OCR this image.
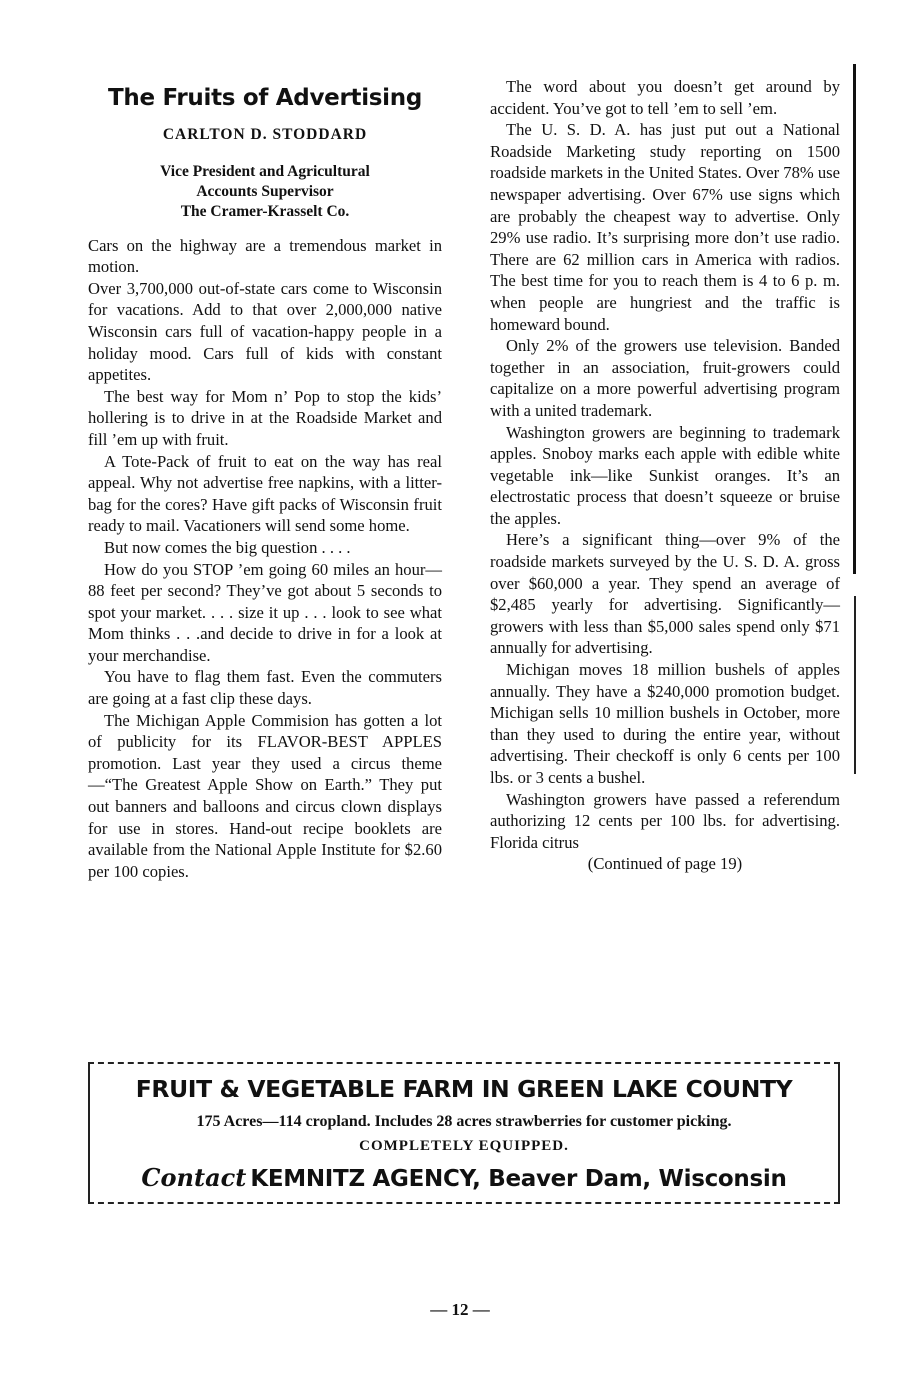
The Fruits of Advertising
CARLTON D. STODDARD
Vice President and Agricultural
Accounts Supervisor
The Cramer-Krasselt Co.

Cars on the highway are a tremendous market in motion.

Over 3,700,000 out-of-state cars come to Wisconsin for vacations. Add to that over 2,000,000 native Wisconsin cars full of vacation-happy people in a holiday mood. Cars full of kids with constant appetites.

The best way for Mom n’ Pop to stop the kids’ hollering is to drive in at the Roadside Market and fill ’em up with fruit.

A Tote-Pack of fruit to eat on the way has real appeal. Why not advertise free napkins, with a litter-bag for the cores? Have gift packs of Wisconsin fruit ready to mail. Vacationers will send some home.

But now comes the big question . . . .

How do you STOP ’em going 60 miles an hour—88 feet per second? They’ve got about 5 seconds to spot your market. . . . size it up . . . look to see what Mom thinks . . .and decide to drive in for a look at your merchandise.

You have to flag them fast. Even the commuters are going at a fast clip these days.

The Michigan Apple Commision has gotten a lot of publicity for its FLAVOR-BEST APPLES promotion. Last year they used a circus theme—“The Greatest Apple Show on Earth.” They put out banners and balloons and circus clown displays for use in stores. Hand-out recipe booklets are available from the National Apple Institute for $2.60 per 100 copies.

The word about you doesn’t get around by accident. You’ve got to tell ’em to sell ’em.

The U. S. D. A. has just put out a National Roadside Marketing study reporting on 1500 roadside markets in the United States. Over 78% use newspaper advertising. Over 67% use signs which are probably the cheapest way to advertise. Only 29% use radio. It’s surprising more don’t use radio. There are 62 million cars in America with radios. The best time for you to reach them is 4 to 6 p. m. when people are hungriest and the traffic is homeward bound.

Only 2% of the growers use television. Banded together in an association, fruit-growers could capitalize on a more powerful advertising program with a united trademark.

Washington growers are beginning to trademark apples. Snoboy marks each apple with edible white vegetable ink—like Sunkist oranges. It’s an electrostatic process that doesn’t squeeze or bruise the apples.

Here’s a significant thing—over 9% of the roadside markets surveyed by the U. S. D. A. gross over $60,000 a year. They spend an average of $2,485 yearly for advertising. Significantly—growers with less than $5,000 sales spend only $71 annually for advertising.

Michigan moves 18 million bushels of apples annually. They have a $240,000 promotion budget. Michigan sells 10 million bushels in October, more than they used to during the entire year, without advertising. Their checkoff is only 6 cents per 100 lbs. or 3 cents a bushel.

Washington growers have passed a referendum authorizing 12 cents per 100 lbs. for advertising. Florida citrus

(Continued of page 19)

FRUIT & VEGETABLE FARM IN GREEN LAKE COUNTY
175 Acres—114 cropland. Includes 28 acres strawberries for customer picking.
COMPLETELY EQUIPPED.
Contact KEMNITZ AGENCY, Beaver Dam, Wisconsin
— 12 —
